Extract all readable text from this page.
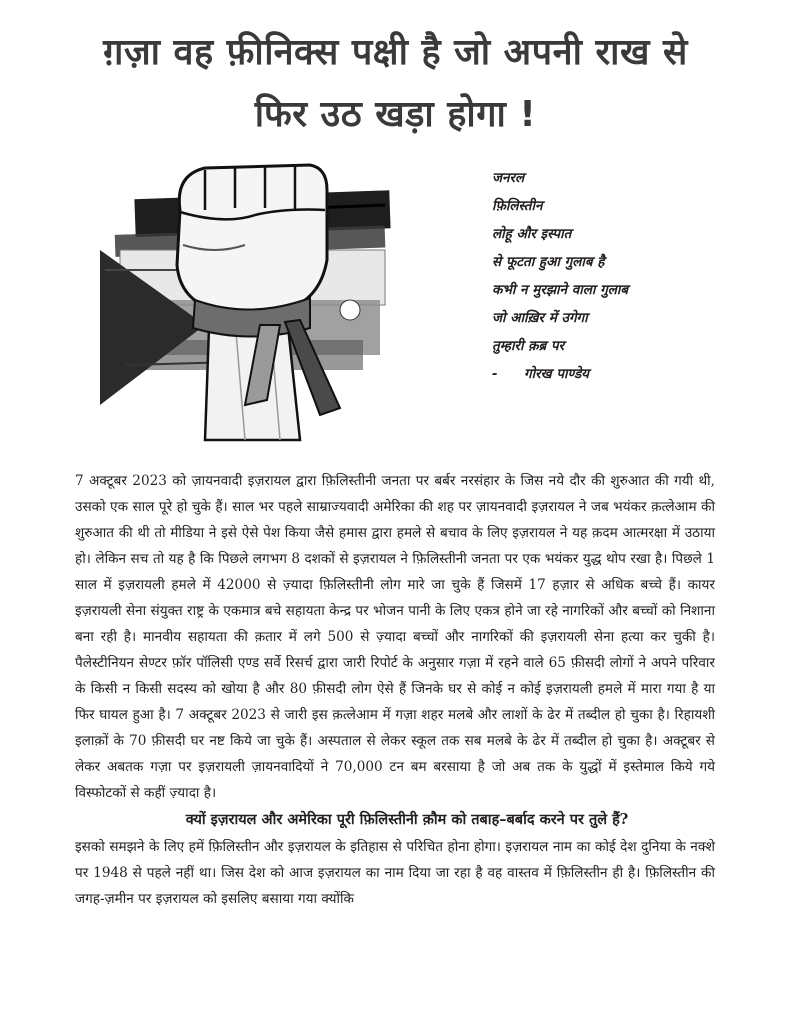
ग़ज़ा वह फ़ीनिक्स पक्षी है जो अपनी राख से
फिर उठ खड़ा होगा !
जनरल
फ़िलिस्तीन
लोहू और इस्पात
से फूटता हुआ गुलाब है
कभी न मुरझाने वाला गुलाब
जो आख़िर में उगेगा
तुम्हारी क़ब्र पर
- गोरख पाण्डेय

7 अक्टूबर 2023 को ज़ायनवादी इज़रायल द्वारा फ़िलिस्तीनी जनता पर बर्बर नरसंहार के जिस नये दौर की शुरुआत की गयी थी, उसको एक साल पूरे हो चुके हैं। साल भर पहले साम्राज्यवादी अमेरिका की शह पर ज़ायनवादी इज़रायल ने जब भयंकर क़त्लेआम की शुरुआत की थी तो मीडिया ने इसे ऐसे पेश किया जैसे हमास द्वारा हमले से बचाव के लिए इज़रायल ने यह क़दम आत्मरक्षा में उठाया हो। लेकिन सच तो यह है कि पिछले लगभग 8 दशकों से इज़रायल ने फ़िलिस्तीनी जनता पर एक भयंकर युद्ध थोप रखा है। पिछले 1 साल में इज़रायली हमले में 42000 से ज़्यादा फ़िलिस्तीनी लोग मारे जा चुके हैं जिसमें 17 हज़ार से अधिक बच्चे हैं। कायर इज़रायली सेना संयुक्त राष्ट्र के एकमात्र बचे सहायता केन्द्र पर भोजन पानी के लिए एकत्र होने जा रहे नागरिकों और बच्चों को निशाना बना रही है। मानवीय सहायता की क़तार में लगे 500 से ज़्यादा बच्चों और नागरिकों की इज़रायली सेना हत्या कर चुकी है। पैलेस्टीनियन सेण्टर फ़ॉर पॉलिसी एण्ड सर्वे रिसर्च द्वारा जारी रिपोर्ट के अनुसार गज़ा में रहने वाले 65 फ़ीसदी लोगों ने अपने परिवार के किसी न किसी सदस्य को खोया है और 80 फ़ीसदी लोग ऐसे हैं जिनके घर से कोई न कोई इज़रायली हमले में मारा गया है या फिर घायल हुआ है। 7 अक्टूबर 2023 से जारी इस क़त्लेआम में गज़ा शहर मलबे और लाशों के ढेर में तब्दील हो चुका है। रिहायशी इलाक़ों के 70 फ़ीसदी घर नष्ट किये जा चुके हैं। अस्पताल से लेकर स्कूल तक सब मलबे के ढेर में तब्दील हो चुका है। अक्टूबर से लेकर अबतक गज़ा पर इज़रायली ज़ायनवादियों ने 70,000 टन बम बरसाया है जो अब तक के युद्धों में इस्तेमाल किये गये विस्फोटकों से कहीं ज़्यादा है।

क्यों इज़रायल और अमेरिका पूरी फ़िलिस्तीनी क़ौम को तबाह–बर्बाद करने पर तुले हैं?

इसको समझने के लिए हमें फ़िलिस्तीन और इज़रायल के इतिहास से परिचित होना होगा। इज़रायल नाम का कोई देश दुनिया के नक्शे पर 1948 से पहले नहीं था। जिस देश को आज इज़रायल का नाम दिया जा रहा है वह वास्तव में फ़िलिस्तीन ही है। फ़िलिस्तीन की जगह-ज़मीन पर इज़रायल को इसलिए बसाया गया क्योंकि
